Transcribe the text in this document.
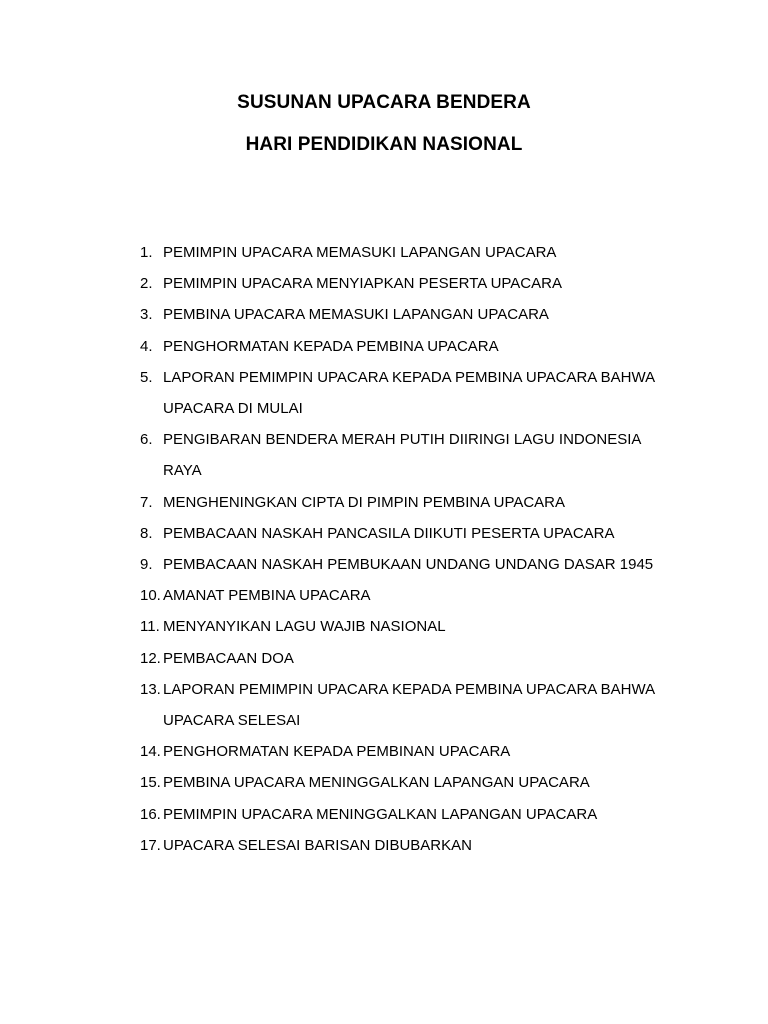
SUSUNAN UPACARA BENDERA
HARI PENDIDIKAN NASIONAL
1. PEMIMPIN UPACARA MEMASUKI LAPANGAN UPACARA
2. PEMIMPIN UPACARA MENYIAPKAN PESERTA UPACARA
3. PEMBINA UPACARA MEMASUKI LAPANGAN UPACARA
4. PENGHORMATAN KEPADA PEMBINA UPACARA
5. LAPORAN PEMIMPIN UPACARA KEPADA PEMBINA UPACARA BAHWA
UPACARA DI MULAI
6. PENGIBARAN BENDERA MERAH PUTIH DIIRINGI LAGU INDONESIA
RAYA
7. MENGHENINGKAN CIPTA DI PIMPIN PEMBINA UPACARA
8. PEMBACAAN NASKAH PANCASILA DIIKUTI PESERTA UPACARA
9. PEMBACAAN NASKAH PEMBUKAAN UNDANG UNDANG DASAR 1945
10. AMANAT PEMBINA UPACARA
11. MENYANYIKAN LAGU WAJIB NASIONAL
12. PEMBACAAN DOA
13. LAPORAN PEMIMPIN UPACARA KEPADA PEMBINA UPACARA BAHWA
UPACARA SELESAI
14. PENGHORMATAN KEPADA PEMBINAN UPACARA
15. PEMBINA UPACARA MENINGGALKAN LAPANGAN UPACARA
16. PEMIMPIN UPACARA MENINGGALKAN LAPANGAN UPACARA
17. UPACARA SELESAI BARISAN DIBUBARKAN
